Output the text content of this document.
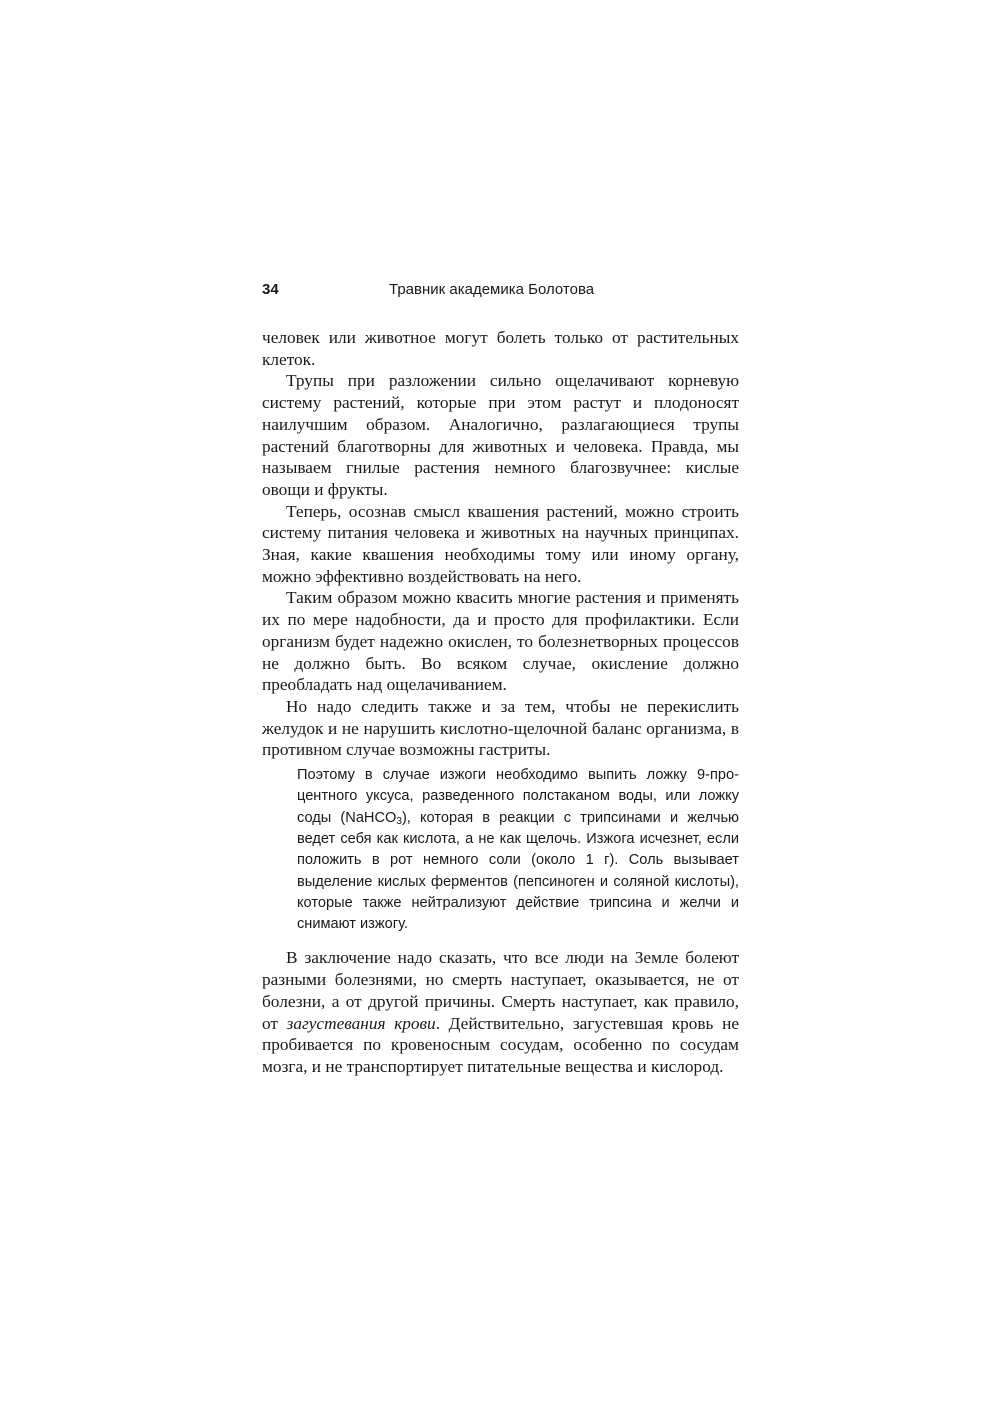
34	Травник академика Болотова

человек или животное могут болеть только от растительных клеток.

Трупы при разложении сильно ощелачивают корневую систему растений, которые при этом растут и плодоносят наилучшим образом. Аналогично, разлагающиеся трупы растений благотворны для животных и человека. Правда, мы называем гнилые растения немного благозвучнее: кислые овощи и фрукты.

Теперь, осознав смысл квашения растений, можно строить систему питания человека и животных на научных принципах. Зная, какие квашения необходимы тому или иному органу, можно эффективно воздействовать на него.

Таким образом можно квасить многие растения и применять их по мере надобности, да и просто для профилактики. Если организм будет надежно окислен, то болезнетворных процессов не должно быть. Во всяком случае, окисление должно преобладать над ощелачиванием.

Но надо следить также и за тем, чтобы не перекислить желудок и не нарушить кислотно-щелочной баланс организма, в противном случае возможны гастриты.

Поэтому в случае изжоги необходимо выпить ложку 9-процентного уксуса, разведенного полстаканом воды, или ложку соды (NaHCO$_3$), которая в реакции с трипсинами и желчью ведет себя как кислота, а не как щелочь. Изжога исчезнет, если положить в рот немного соли (около 1 г). Соль вызывает выделение кислых ферментов (пепсиноген и соляной кислоты), которые также нейтрализуют действие трипсина и желчи и снимают изжогу.

В заключение надо сказать, что все люди на Земле болеют разными болезнями, но смерть наступает, оказывается, не от болезни, а от другой причины. Смерть наступает, как правило, от загустевания крови. Действительно, загустевшая кровь не пробивается по кровеносным сосудам, особенно по сосудам мозга, и не транспортирует питательные вещества и кислород.
